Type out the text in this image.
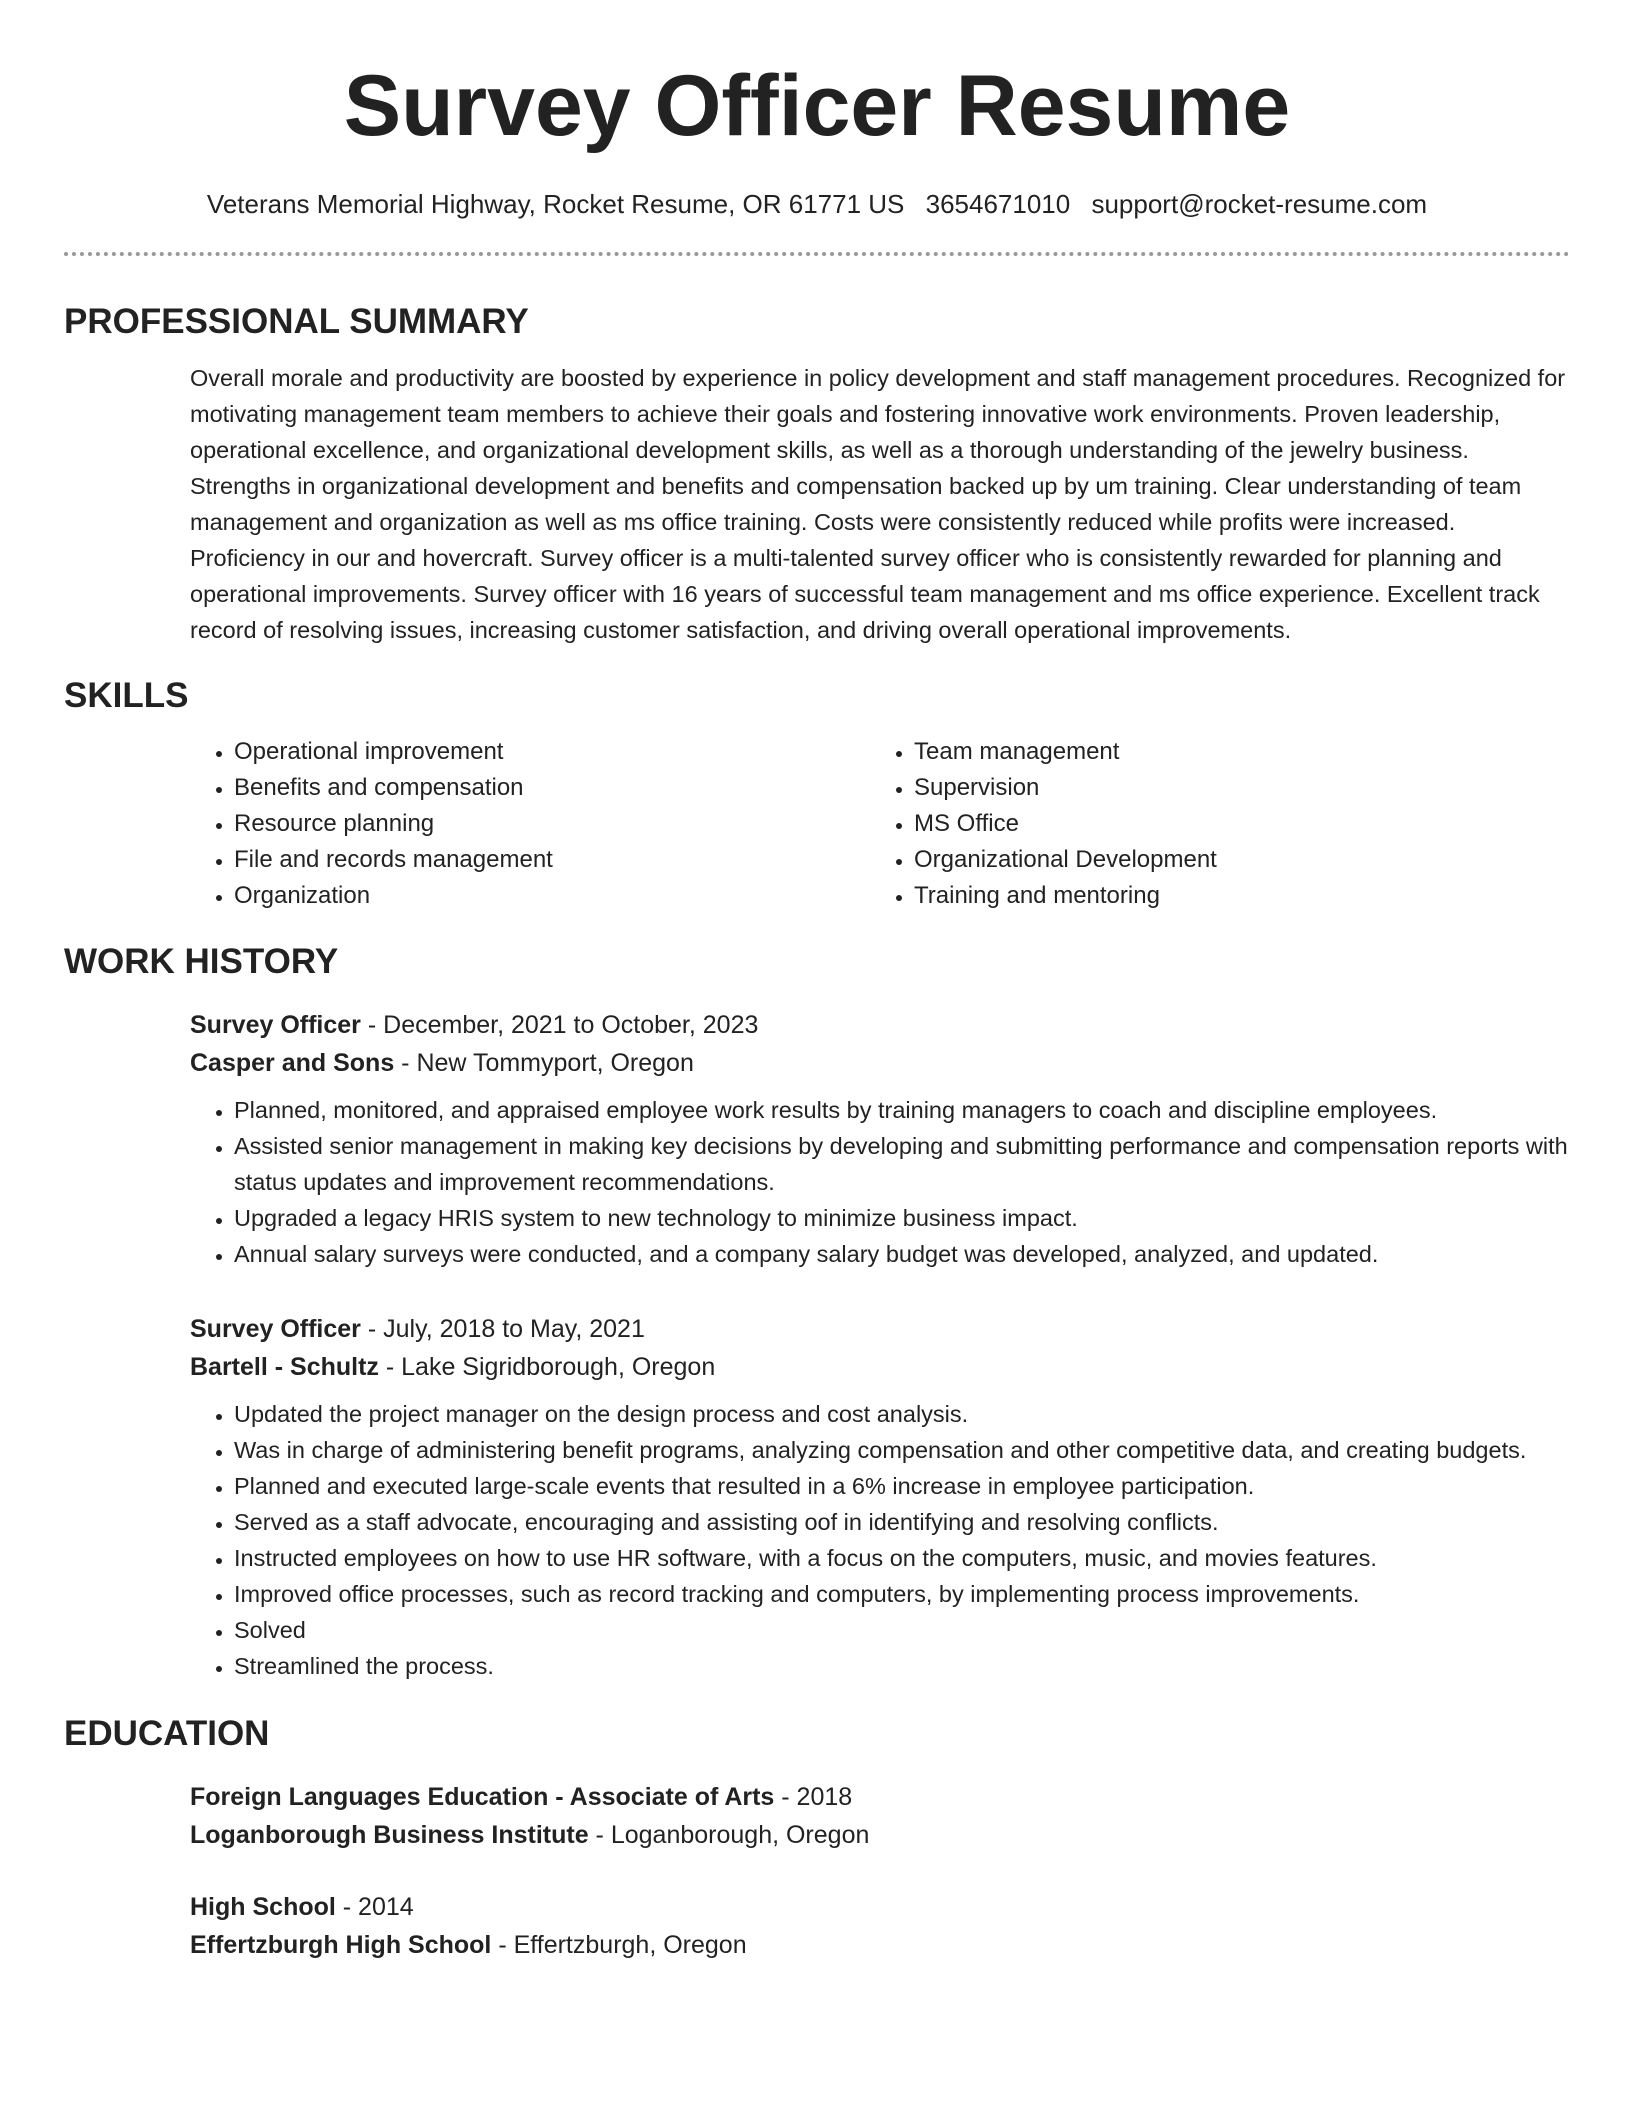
Survey Officer Resume
Veterans Memorial Highway, Rocket Resume, OR 61771 US 3654671010 support@rocket-resume.com
PROFESSIONAL SUMMARY
Overall morale and productivity are boosted by experience in policy development and staff management procedures. Recognized for motivating management team members to achieve their goals and fostering innovative work environments. Proven leadership, operational excellence, and organizational development skills, as well as a thorough understanding of the jewelry business. Strengths in organizational development and benefits and compensation backed up by um training. Clear understanding of team management and organization as well as ms office training. Costs were consistently reduced while profits were increased. Proficiency in our and hovercraft. Survey officer is a multi-talented survey officer who is consistently rewarded for planning and operational improvements. Survey officer with 16 years of successful team management and ms office experience. Excellent track record of resolving issues, increasing customer satisfaction, and driving overall operational improvements.
SKILLS
• Operational improvement
• Benefits and compensation
• Resource planning
• File and records management
• Organization
• Team management
• Supervision
• MS Office
• Organizational Development
• Training and mentoring
WORK HISTORY
Survey Officer - December, 2021 to October, 2023
Casper and Sons - New Tommyport, Oregon
• Planned, monitored, and appraised employee work results by training managers to coach and discipline employees.
• Assisted senior management in making key decisions by developing and submitting performance and compensation reports with status updates and improvement recommendations.
• Upgraded a legacy HRIS system to new technology to minimize business impact.
• Annual salary surveys were conducted, and a company salary budget was developed, analyzed, and updated.
Survey Officer - July, 2018 to May, 2021
Bartell - Schultz - Lake Sigridborough, Oregon
• Updated the project manager on the design process and cost analysis.
• Was in charge of administering benefit programs, analyzing compensation and other competitive data, and creating budgets.
• Planned and executed large-scale events that resulted in a 6% increase in employee participation.
• Served as a staff advocate, encouraging and assisting oof in identifying and resolving conflicts.
• Instructed employees on how to use HR software, with a focus on the computers, music, and movies features.
• Improved office processes, such as record tracking and computers, by implementing process improvements.
• Solved
• Streamlined the process.
EDUCATION
Foreign Languages Education - Associate of Arts - 2018
Loganborough Business Institute - Loganborough, Oregon
High School - 2014
Effertzburgh High School - Effertzburgh, Oregon
